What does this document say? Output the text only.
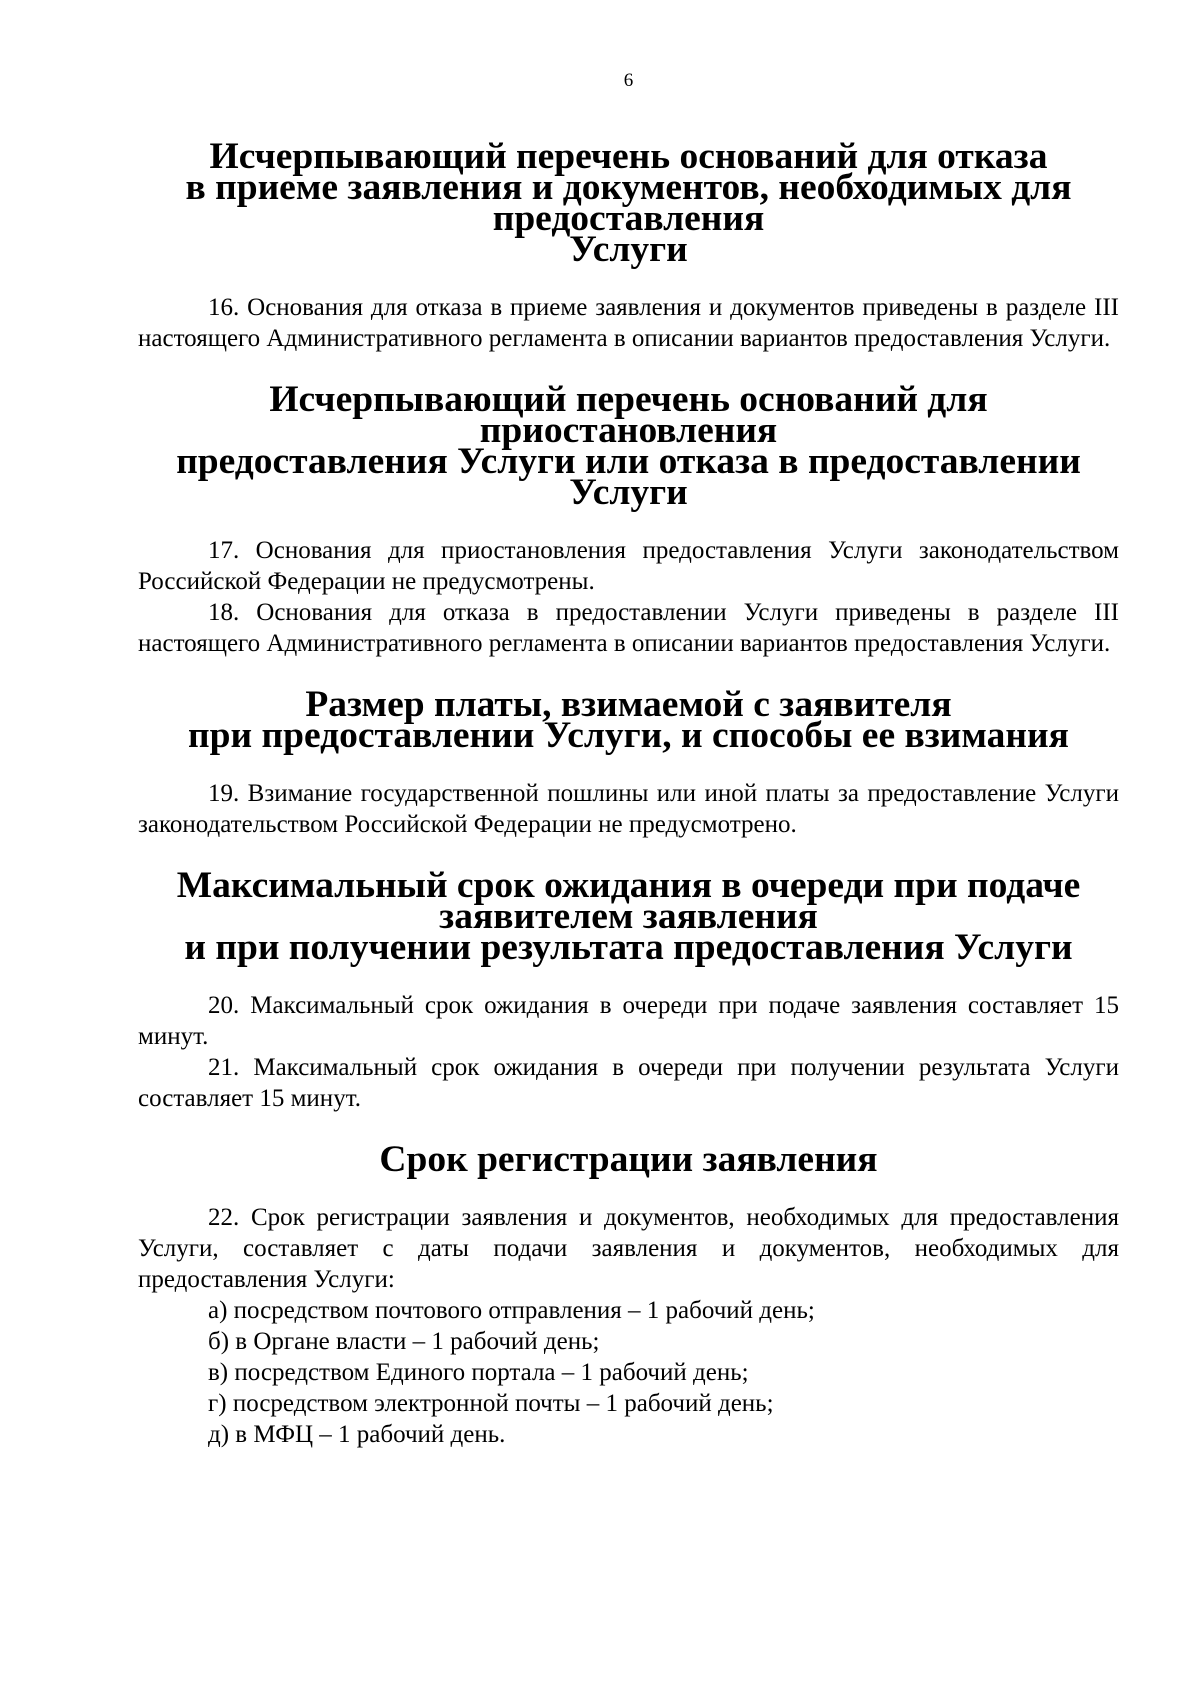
6
Исчерпывающий перечень оснований для отказа
в приеме заявления и документов, необходимых для предоставления
Услуги

16. Основания для отказа в приеме заявления и документов приведены в разделе III настоящего Административного регламента в описании вариантов предоставления Услуги.

Исчерпывающий перечень оснований для приостановления
предоставления Услуги или отказа в предоставлении Услуги

17. Основания для приостановления предоставления Услуги законодательством Российской Федерации не предусмотрены.

18. Основания для отказа в предоставлении Услуги приведены в разделе III настоящего Административного регламента в описании вариантов предоставления Услуги.

Размер платы, взимаемой с заявителя
при предоставлении Услуги, и способы ее взимания

19. Взимание государственной пошлины или иной платы за предоставление Услуги законодательством Российской Федерации не предусмотрено.

Максимальный срок ожидания в очереди при подаче заявителем заявления
и при получении результата предоставления Услуги

20. Максимальный срок ожидания в очереди при подаче заявления составляет 15 минут.

21. Максимальный срок ожидания в очереди при получении результата Услуги составляет 15 минут.

Срок регистрации заявления

22. Срок регистрации заявления и документов, необходимых для предоставления Услуги, составляет с даты подачи заявления и документов, необходимых для предоставления Услуги:

а) посредством почтового отправления – 1 рабочий день;
б) в Органе власти – 1 рабочий день;
в) посредством Единого портала – 1 рабочий день;
г) посредством электронной почты – 1 рабочий день;
д) в МФЦ – 1 рабочий день.
